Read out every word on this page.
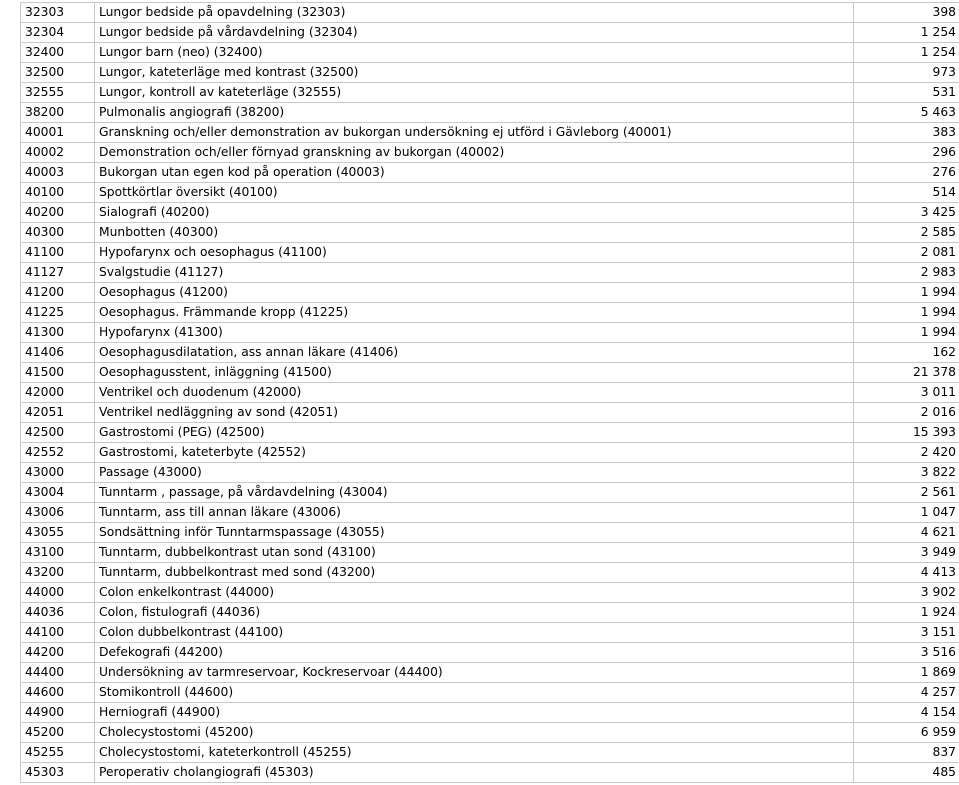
32303	Lungor bedside på opavdelning (32303)	398
32304	Lungor bedside på vårdavdelning (32304)	1 254
32400	Lungor barn (neo) (32400)	1 254
32500	Lungor, kateterläge med kontrast (32500)	973
32555	Lungor, kontroll av kateterläge (32555)	531
38200	Pulmonalis angiografi (38200)	5 463
40001	Granskning och/eller demonstration av bukorgan undersökning ej utförd i Gävleborg (40001)	383
40002	Demonstration och/eller förnyad granskning av bukorgan (40002)	296
40003	Bukorgan utan egen kod på operation (40003)	276
40100	Spottkörtlar översikt (40100)	514
40200	Sialografi (40200)	3 425
40300	Munbotten (40300)	2 585
41100	Hypofarynx och oesophagus (41100)	2 081
41127	Svalgstudie (41127)	2 983
41200	Oesophagus (41200)	1 994
41225	Oesophagus. Främmande kropp (41225)	1 994
41300	Hypofarynx (41300)	1 994
41406	Oesophagusdilatation, ass annan läkare (41406)	162
41500	Oesophagusstent, inläggning (41500)	21 378
42000	Ventrikel och duodenum (42000)	3 011
42051	Ventrikel nedläggning av sond (42051)	2 016
42500	Gastrostomi (PEG) (42500)	15 393
42552	Gastrostomi, kateterbyte (42552)	2 420
43000	Passage (43000)	3 822
43004	Tunntarm , passage, på vårdavdelning (43004)	2 561
43006	Tunntarm, ass till annan läkare (43006)	1 047
43055	Sondsättning inför Tunntarmspassage (43055)	4 621
43100	Tunntarm, dubbelkontrast utan sond (43100)	3 949
43200	Tunntarm, dubbelkontrast med sond (43200)	4 413
44000	Colon enkelkontrast (44000)	3 902
44036	Colon, fistulografi (44036)	1 924
44100	Colon dubbelkontrast (44100)	3 151
44200	Defekografi (44200)	3 516
44400	Undersökning av tarmreservoar, Kockreservoar (44400)	1 869
44600	Stomikontroll (44600)	4 257
44900	Herniografi (44900)	4 154
45200	Cholecystostomi (45200)	6 959
45255	Cholecystostomi, kateterkontroll (45255)	837
45303	Peroperativ cholangiografi (45303)	485
